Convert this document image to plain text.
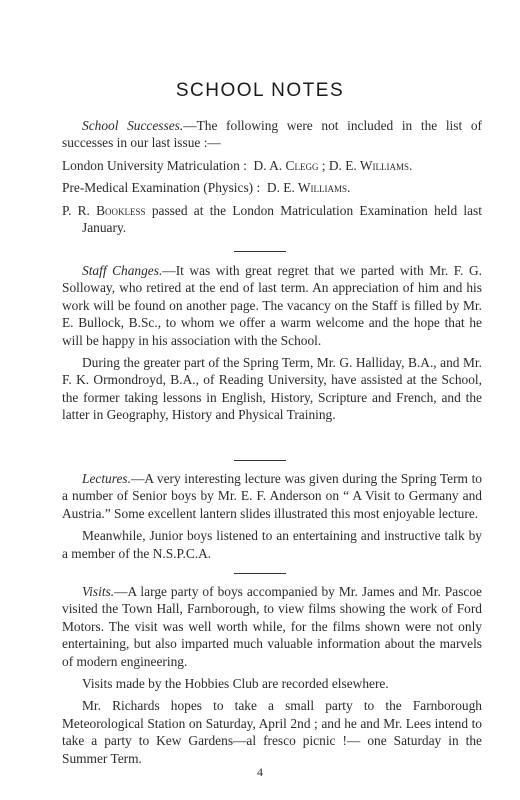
SCHOOL NOTES

School Successes.—The following were not included in the list of successes in our last issue :—

London University Matriculation : D. A. Clegg ; D. E. Williams.

Pre-Medical Examination (Physics) : D. E. Williams.

P. R. Bookless passed at the London Matriculation Examination held last January.

Staff Changes.—It was with great regret that we parted with Mr. F. G. Solloway, who retired at the end of last term. An appreciation of him and his work will be found on another page. The vacancy on the Staff is filled by Mr. E. Bullock, B.Sc., to whom we offer a warm welcome and the hope that he will be happy in his association with the School.

During the greater part of the Spring Term, Mr. G. Halliday, B.A., and Mr. F. K. Ormondroyd, B.A., of Reading University, have assisted at the School, the former taking lessons in English, History, Scripture and French, and the latter in Geography, History and Physical Training.

Lectures.—A very interesting lecture was given during the Spring Term to a number of Senior boys by Mr. E. F. Anderson on “ A Visit to Germany and Austria.” Some excellent lantern slides illustrated this most enjoyable lecture.

Meanwhile, Junior boys listened to an entertaining and instructive talk by a member of the N.S.P.C.A.

Visits.—A large party of boys accompanied by Mr. James and Mr. Pascoe visited the Town Hall, Farnborough, to view films showing the work of Ford Motors. The visit was well worth while, for the films shown were not only entertaining, but also imparted much valuable information about the marvels of modern engineering.

Visits made by the Hobbies Club are recorded elsewhere.

Mr. Richards hopes to take a small party to the Farnborough Meteorological Station on Saturday, April 2nd ; and he and Mr. Lees intend to take a party to Kew Gardens—al fresco picnic !— one Saturday in the Summer Term.

4
